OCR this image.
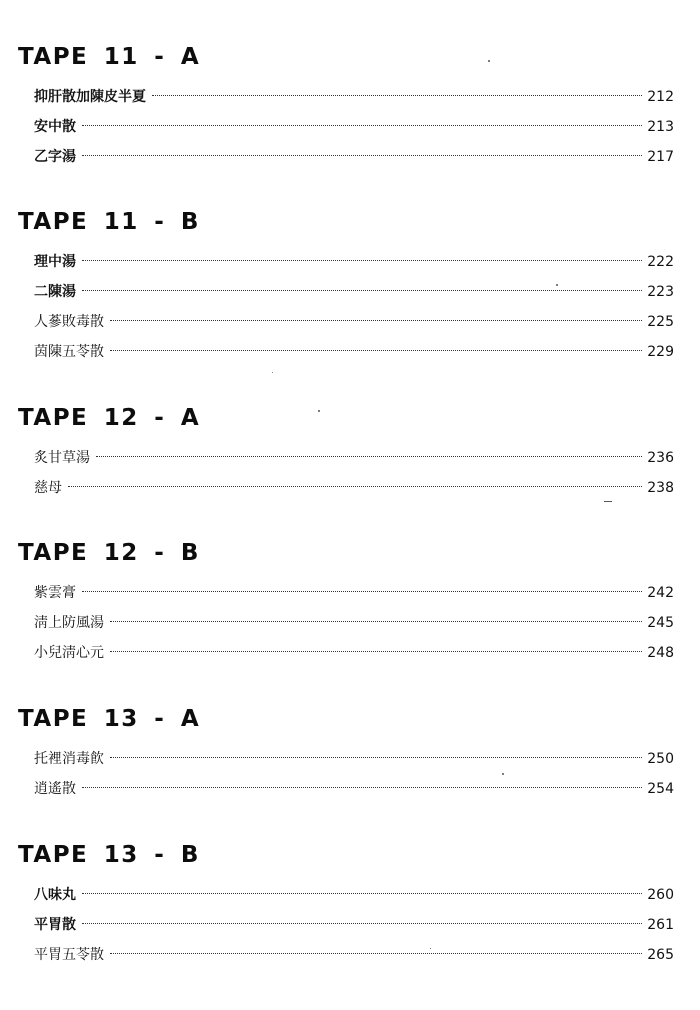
TAPE 11 - A
抑肝散加陳皮半夏	212
安中散	213
乙字湯	217
TAPE 11 - B
理中湯	222
二陳湯	223
人蔘敗毒散	225
茵陳五苓散	229
TAPE 12 - A
炙甘草湯	236
慈母	238
TAPE 12 - B
紫雲膏	242
淸上防風湯	245
小兒淸心元	248
TAPE 13 - A
托裡消毒飮	250
逍遙散	254
TAPE 13 - B
八味丸	260
平胃散	261
平胃五苓散	265
